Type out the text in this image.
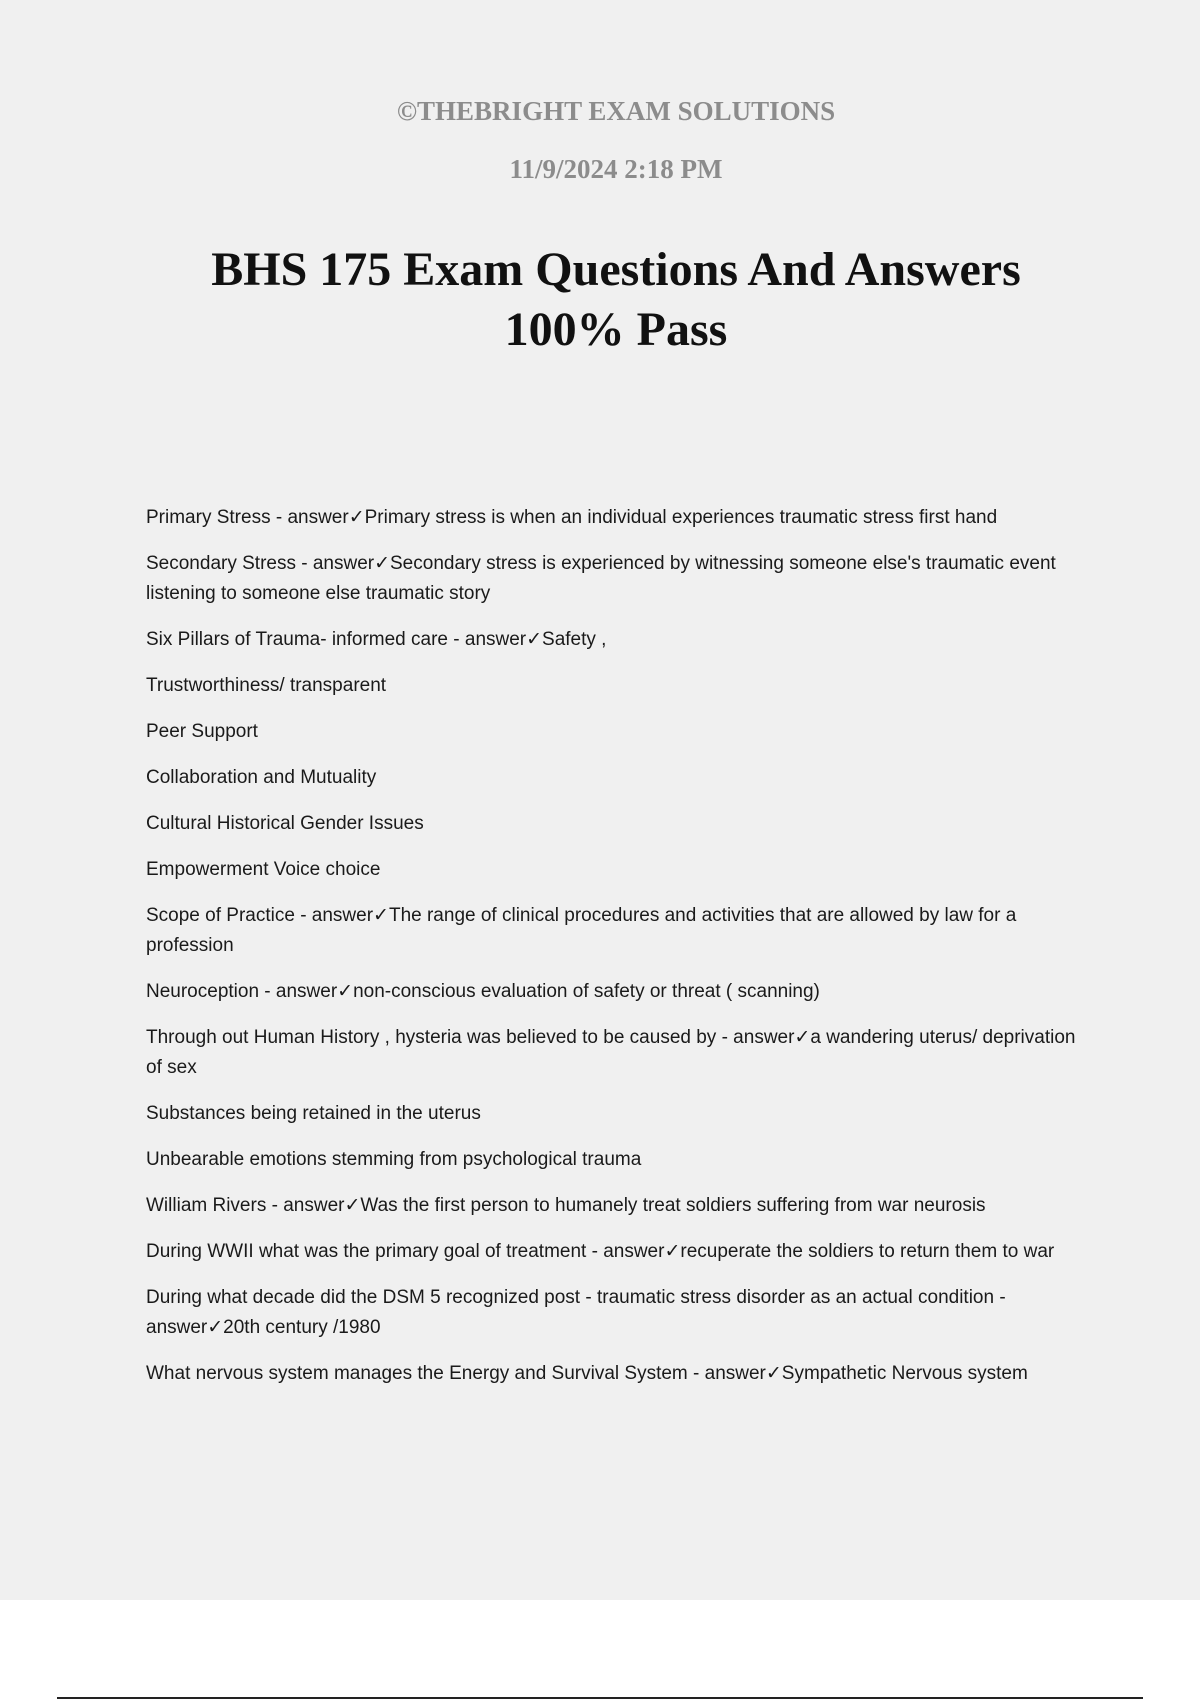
©THEBRIGHT EXAM SOLUTIONS

11/9/2024 2:18 PM

BHS 175 Exam Questions And Answers
100% Pass
Primary Stress - answer✓Primary stress is when an individual experiences traumatic stress first hand
Secondary Stress - answer✓Secondary stress is experienced by witnessing someone else's traumatic event listening to someone else traumatic story
Six Pillars of Trauma- informed care - answer✓Safety ,
Trustworthiness/ transparent
Peer Support
Collaboration and Mutuality
Cultural Historical Gender Issues
Empowerment Voice choice
Scope of Practice - answer✓The range of clinical procedures and activities that are allowed by law for a profession
Neuroception - answer✓non-conscious evaluation of safety or threat ( scanning)
Through out Human History , hysteria was believed to be caused by - answer✓a wandering uterus/ deprivation of sex
Substances being retained in the uterus
Unbearable emotions stemming from psychological trauma
William Rivers - answer✓Was the first person to humanely treat soldiers suffering from war neurosis
During WWII what was the primary goal of treatment - answer✓recuperate the soldiers to return them to war
During what decade did the DSM 5 recognized post - traumatic stress disorder as an actual condition - answer✓20th century /1980
What nervous system manages the Energy and Survival System - answer✓Sympathetic Nervous system
